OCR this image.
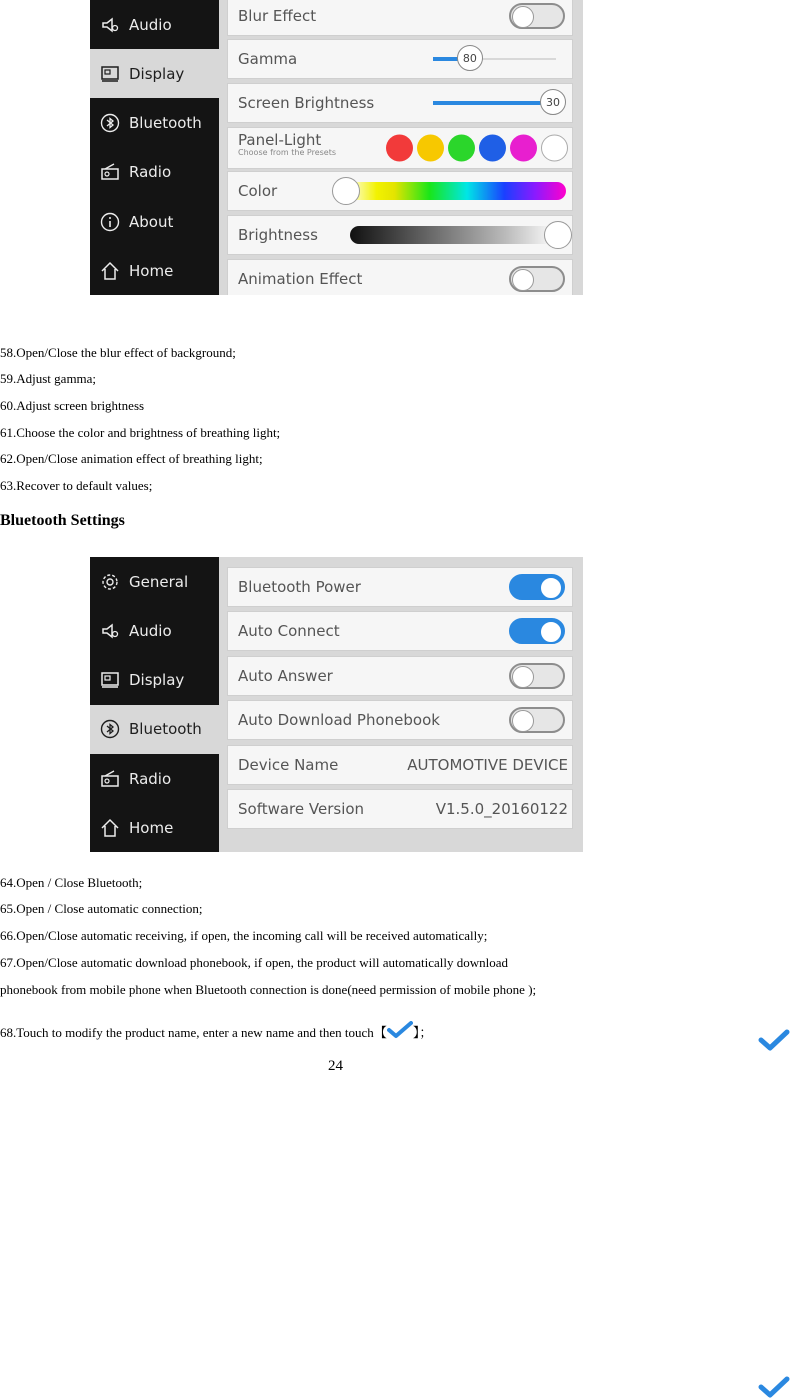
Audio
Display
Bluetooth
Radio
About
Home
Blur Effect
Gamma	80
Screen Brightness	30
Panel-Light
Choose from the Presets
Color
Brightness
Animation Effect
58.Open/Close the blur effect of background;
59.Adjust gamma;
60.Adjust screen brightness
61.Choose the color and brightness of breathing light;
62.Open/Close animation effect of breathing light;
63.Recover to default values;
Bluetooth Settings
General
Audio
Display
Bluetooth
Radio
Home
Bluetooth Power
Auto Connect
Auto Answer
Auto Download Phonebook
Device Name	AUTOMOTIVE DEVICE
Software Version	V1.5.0_20160122
64.Open / Close Bluetooth;
65.Open / Close automatic connection;
66.Open/Close automatic receiving, if open, the incoming call will be received automatically;
67.Open/Close automatic download phonebook, if open, the product will automatically download
phonebook from mobile phone when Bluetooth connection is done(need permission of mobile phone );
68.Touch to modify the product name, enter a new name and then touch【 】；
24
